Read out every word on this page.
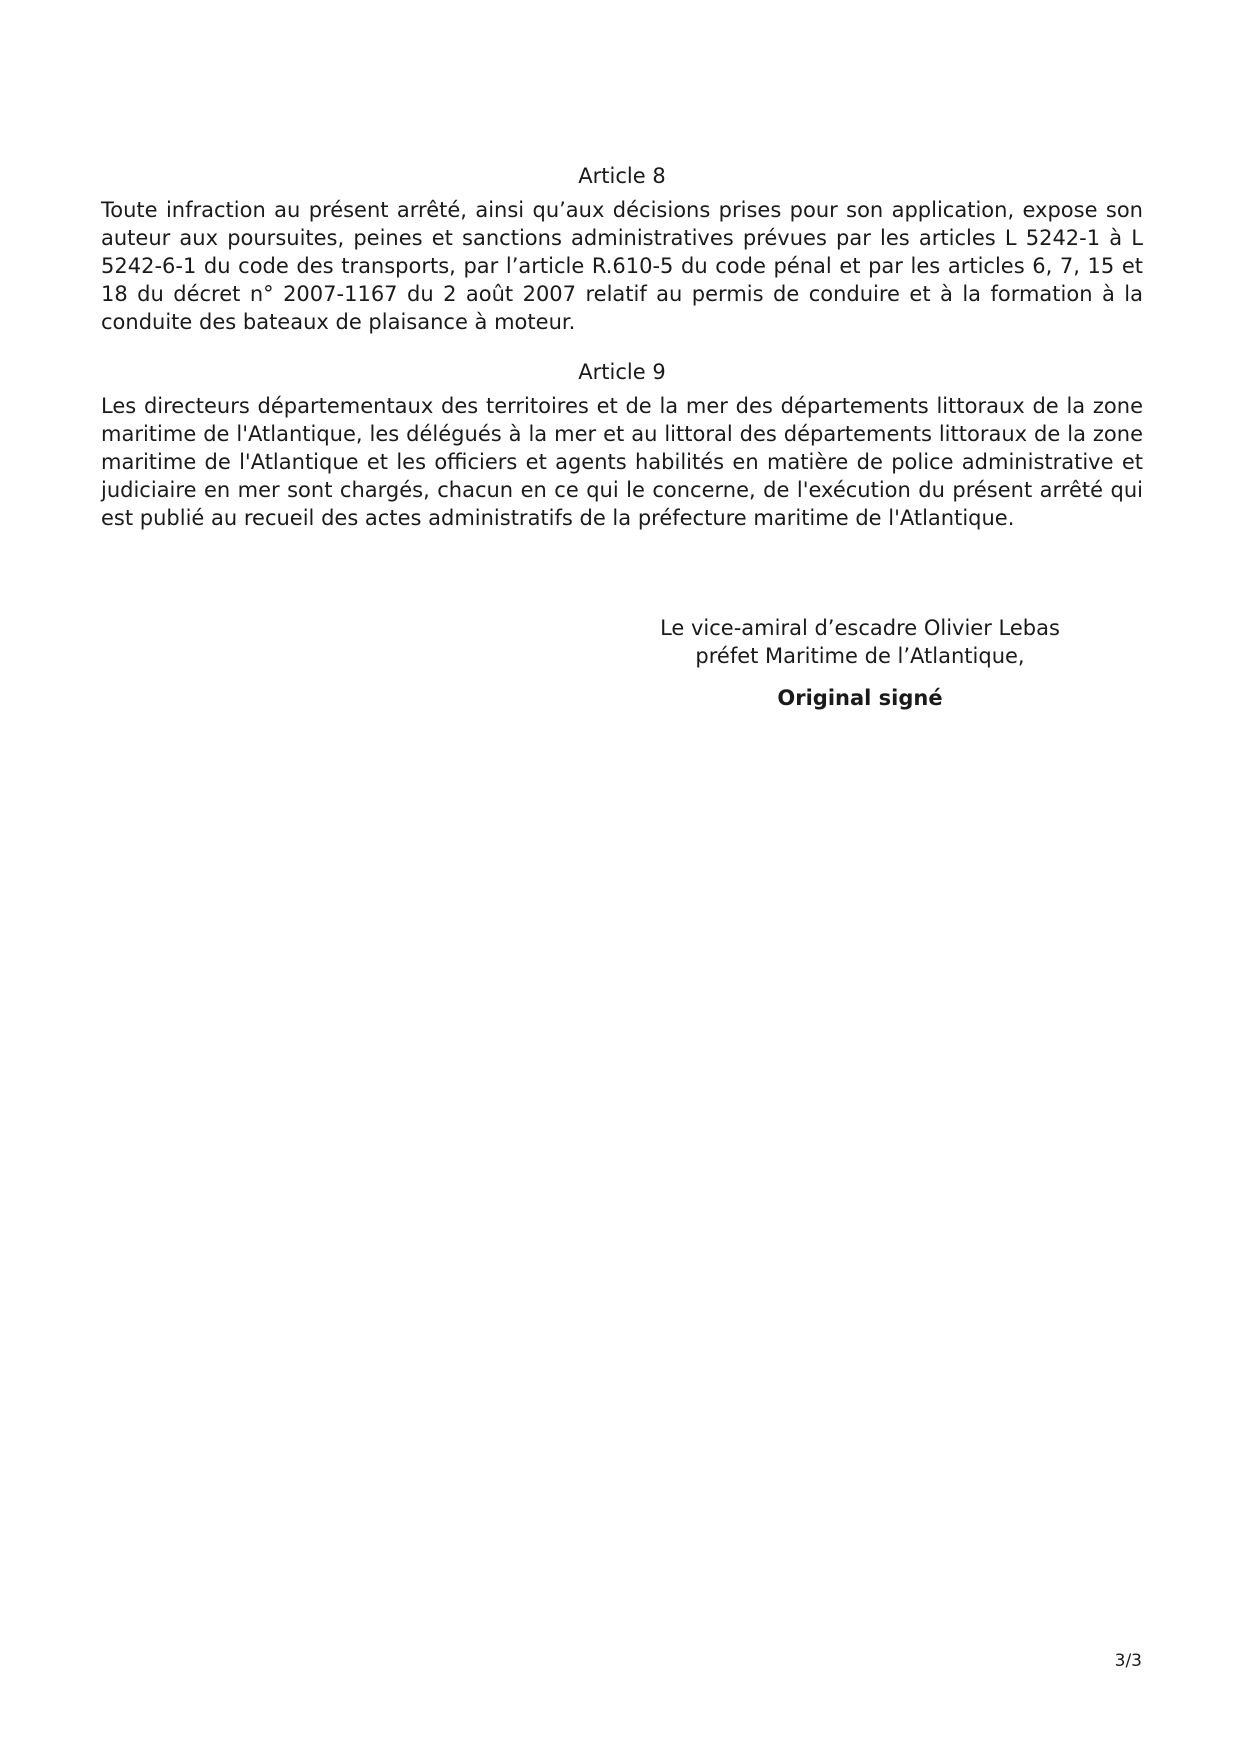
Article 8

Toute infraction au présent arrêté, ainsi qu’aux décisions prises pour son application, expose son auteur aux poursuites, peines et sanctions administratives prévues par les articles L 5242-1 à L 5242-6-1 du code des transports, par l’article R.610-5 du code pénal et par les articles 6, 7, 15 et 18 du décret n° 2007-1167 du 2 août 2007 relatif au permis de conduire et à la formation à la conduite des bateaux de plaisance à moteur.

Article 9

Les directeurs départementaux des territoires et de la mer des départements littoraux de la zone maritime de l'Atlantique, les délégués à la mer et au littoral des départements littoraux de la zone maritime de l'Atlantique et les officiers et agents habilités en matière de police administrative et judiciaire en mer sont chargés, chacun en ce qui le concerne, de l'exécution du présent arrêté qui est publié au recueil des actes administratifs de la préfecture maritime de l'Atlantique.

Le vice-amiral d’escadre Olivier Lebas

préfet Maritime de l’Atlantique,

Original signé

3/3
